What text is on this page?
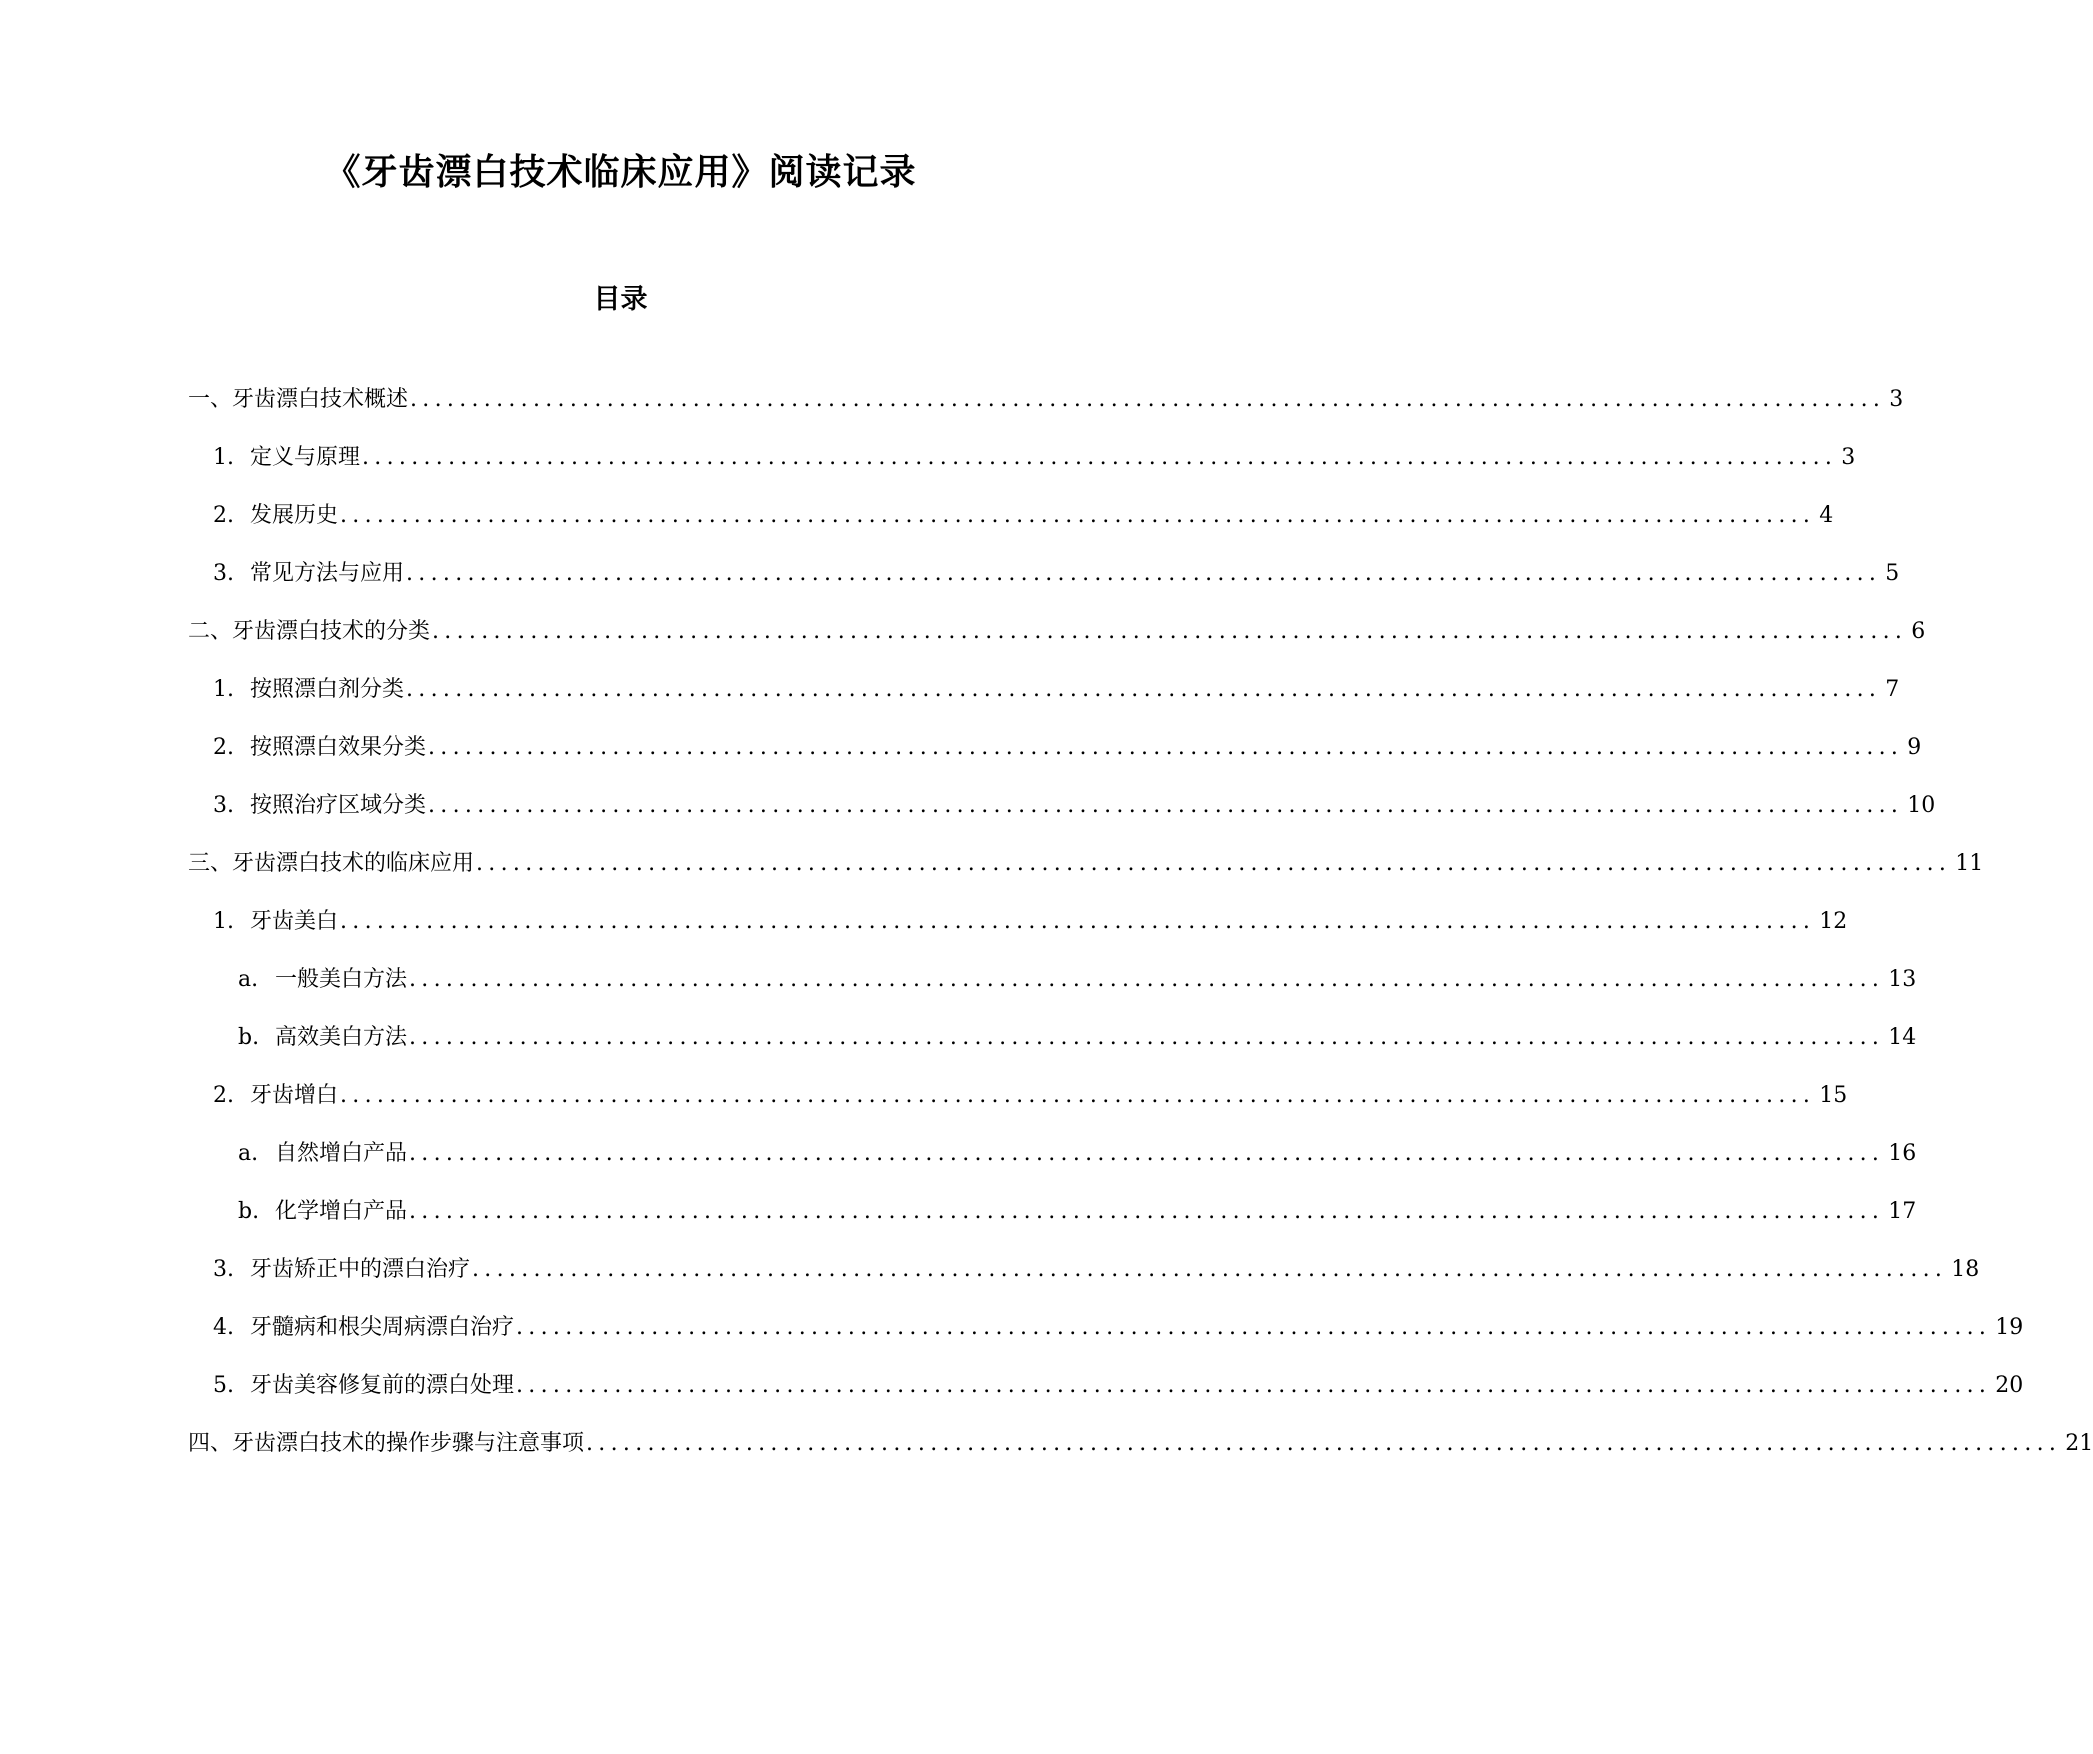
《牙齿漂白技术临床应用》阅读记录
目录
一、牙齿漂白技术概述 ........................................................................................................................ 3
1. 定义与原理 ........................................................................................................................ 3
2. 发展历史 ........................................................................................................................ 4
3. 常见方法与应用 ........................................................................................................................ 5
二、牙齿漂白技术的分类 ........................................................................................................................ 6
1. 按照漂白剂分类 ........................................................................................................................ 7
2. 按照漂白效果分类 ........................................................................................................................ 9
3. 按照治疗区域分类 ........................................................................................................................ 10
三、牙齿漂白技术的临床应用 ........................................................................................................................ 11
1. 牙齿美白 ........................................................................................................................ 12
a. 一般美白方法 ........................................................................................................................ 13
b. 高效美白方法 ........................................................................................................................ 14
2. 牙齿增白 ........................................................................................................................ 15
a. 自然增白产品 ........................................................................................................................ 16
b. 化学增白产品 ........................................................................................................................ 17
3. 牙齿矫正中的漂白治疗 ........................................................................................................................ 18
4. 牙髓病和根尖周病漂白治疗 ........................................................................................................................ 19
5. 牙齿美容修复前的漂白处理 ........................................................................................................................ 20
四、牙齿漂白技术的操作步骤与注意事项 ........................................................................................................................ 21
